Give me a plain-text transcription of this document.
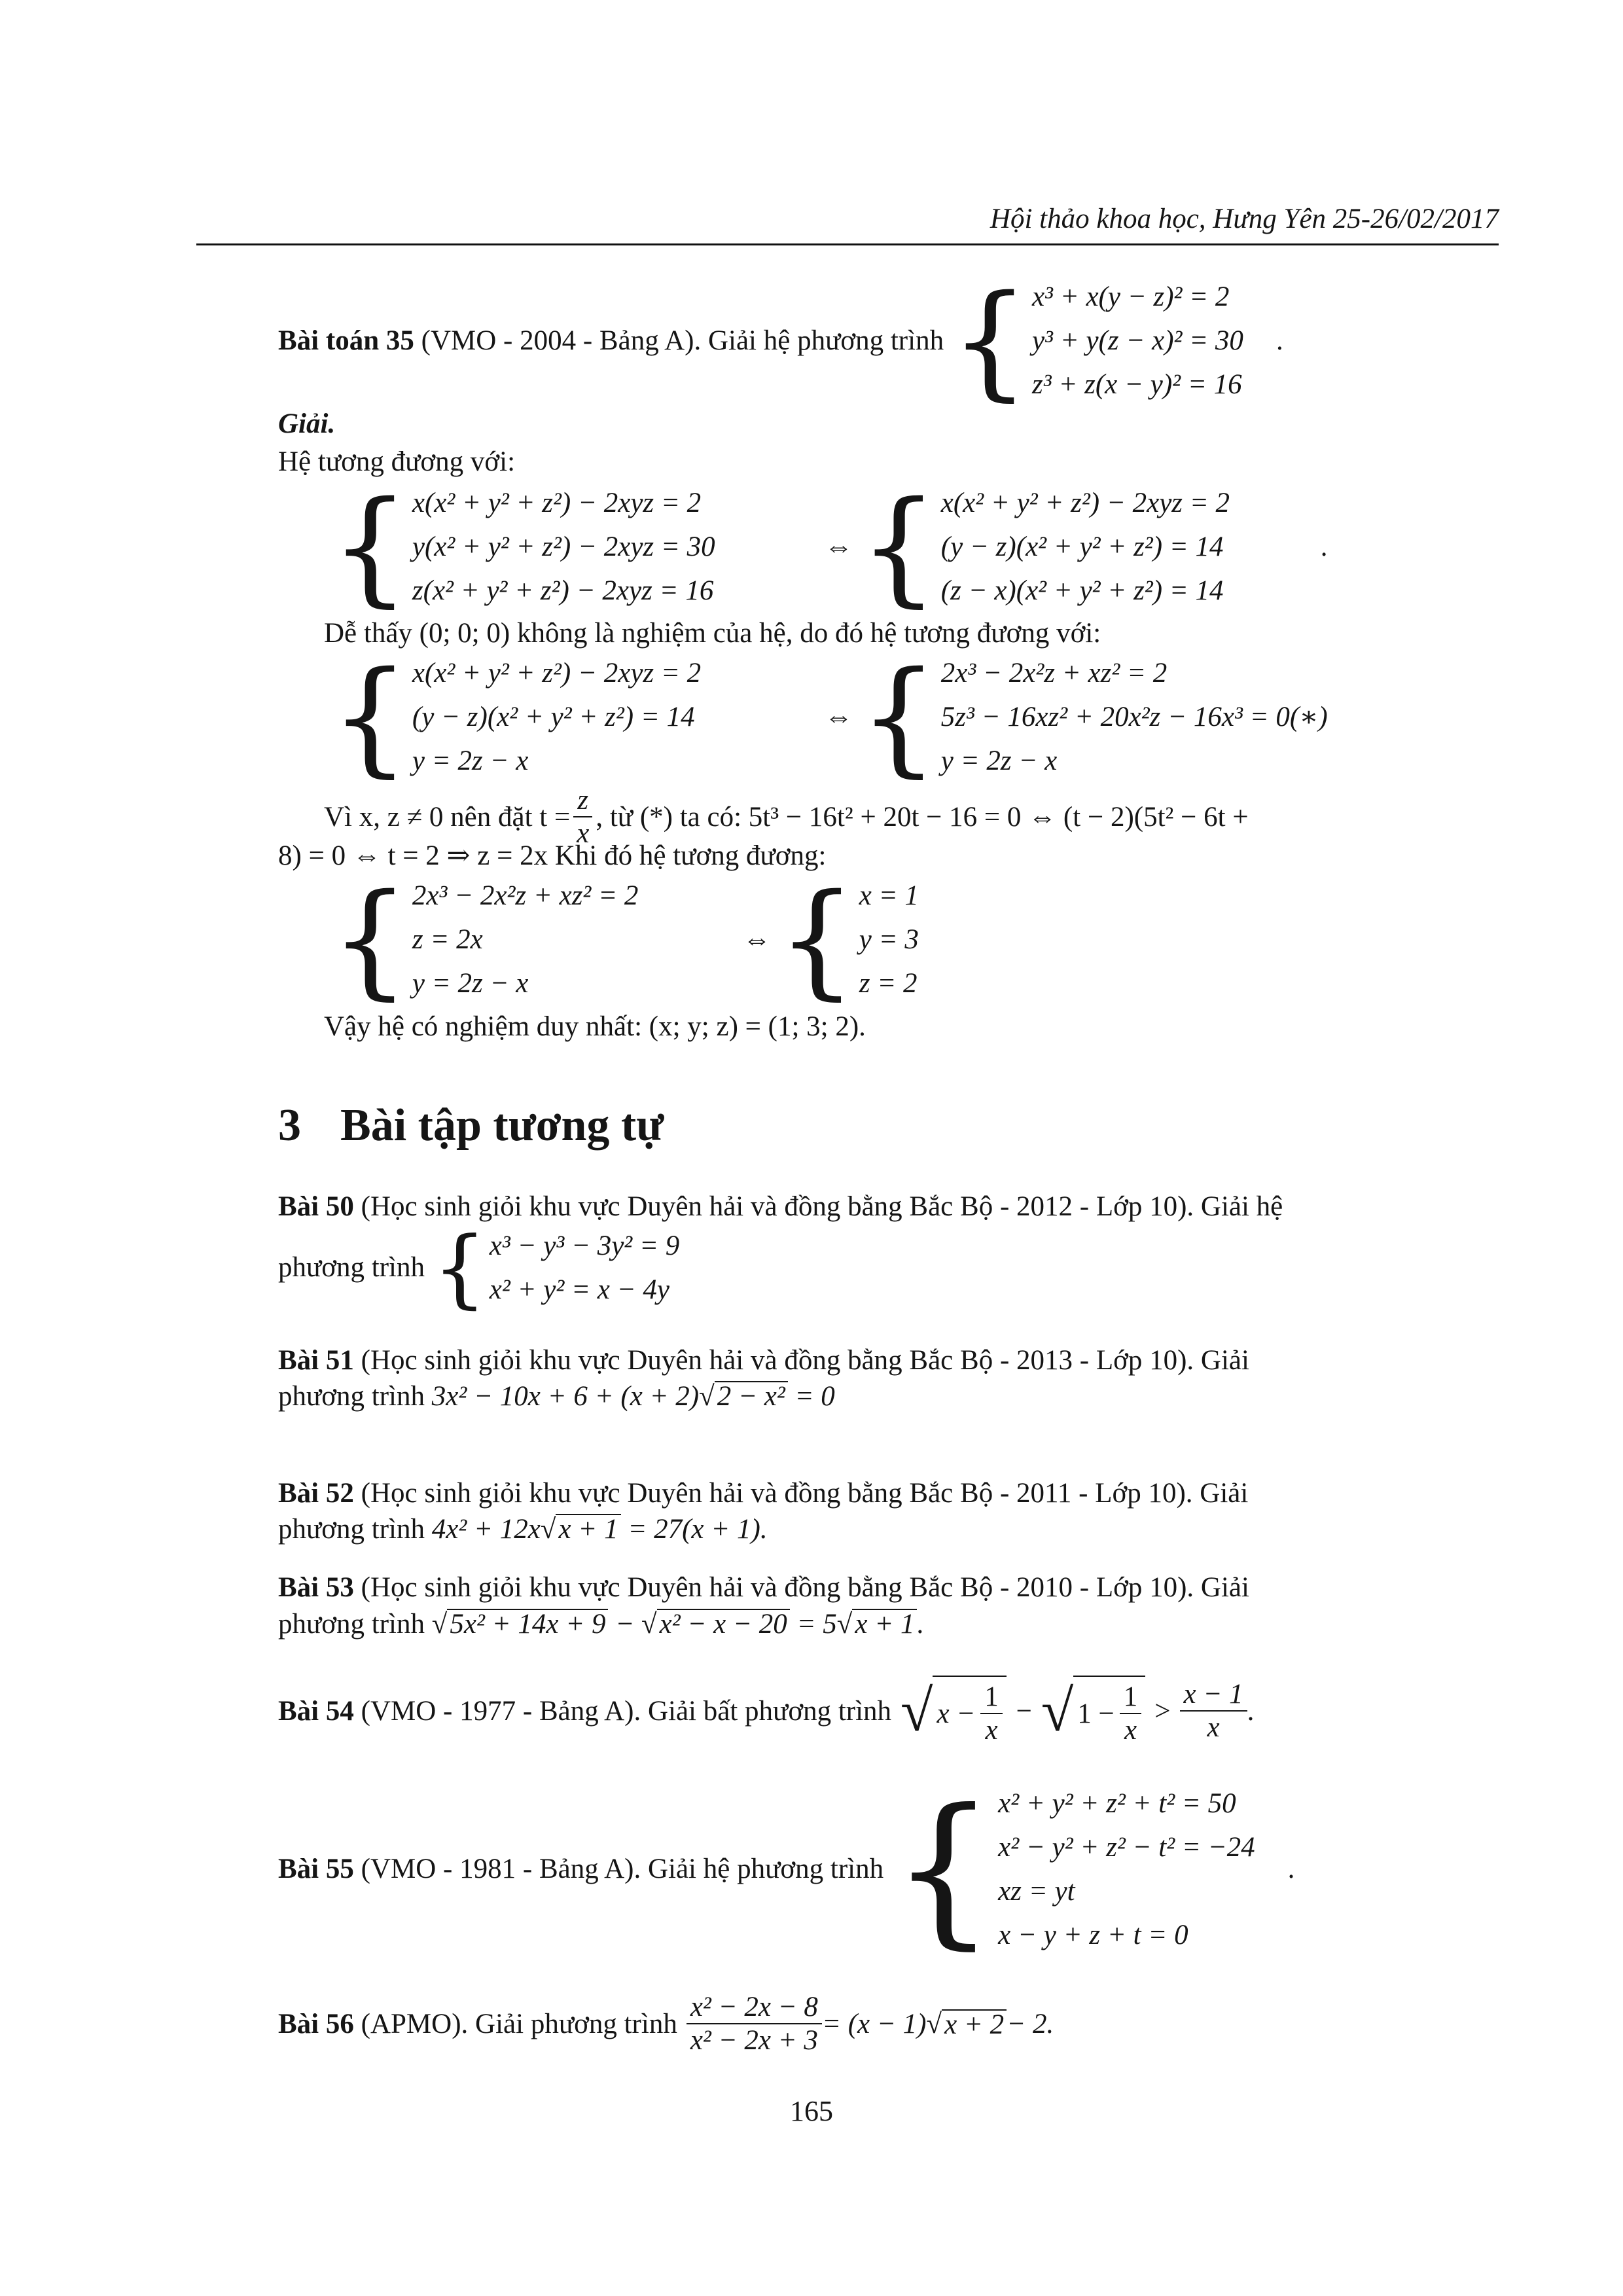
Hội thảo khoa học, Hưng Yên 25-26/02/2017
Bài toán 35 (VMO - 2004 - Bảng A). Giải hệ phương trình { x³ + x(y − z)² = 2
y³ + y(z − x)² = 30
z³ + z(x − y)² = 16
.
Giải.
Hệ tương đương với:
{ x(x² + y² + z²) − 2xyz = 2
y(x² + y² + z²) − 2xyz = 30
z(x² + y² + z²) − 2xyz = 16
⇔ { x(x² + y² + z²) − 2xyz = 2
(y − z)(x² + y² + z²) = 14
(z − x)(x² + y² + z²) = 14
.
Dễ thấy (0; 0; 0) không là nghiệm của hệ, do đó hệ tương đương với:
{ x(x² + y² + z²) − 2xyz = 2
(y − z)(x² + y² + z²) = 14
y = 2z − x
⇔ { 2x³ − 2x²z + xz² = 2
5z³ − 16xz² + 20x²z − 16x³ = 0(∗)
y = 2z − x
Vì x, z ≠ 0 nên đặt $t = \frac{z}{x}$ , từ (*) ta có: 5t³ − 16t² + 20t − 16 = 0 ⇔ (t − 2)(5t² − 6t +
8) = 0 ⇔ t = 2 ⇒ z = 2x Khi đó hệ tương đương:
{ 2x³ − 2x²z + xz² = 2
z = 2x
y = 2z − x
⇔ { x = 1
y = 3
z = 2
Vậy hệ có nghiệm duy nhất: (x; y; z) = (1; 3; 2).
3 Bài tập tương tự
Bài 50 (Học sinh giỏi khu vực Duyên hải và đồng bằng Bắc Bộ - 2012 - Lớp 10). Giải hệ
phương trình { x³ − y³ − 3y² = 9
x² + y² = x − 4y
Bài 51 (Học sinh giỏi khu vực Duyên hải và đồng bằng Bắc Bộ - 2013 - Lớp 10). Giải
phương trình 3x² − 10x + 6 + (x + 2)√2 − x² = 0
Bài 52 (Học sinh giỏi khu vực Duyên hải và đồng bằng Bắc Bộ - 2011 - Lớp 10). Giải
phương trình 4x² + 12x√x + 1 = 27(x + 1).
Bài 53 (Học sinh giỏi khu vực Duyên hải và đồng bằng Bắc Bộ - 2010 - Lớp 10). Giải
phương trình √5x² + 14x + 9 − √x² − x − 20 = 5√x + 1.
Bài 54 (VMO - 1977 - Bảng A). Giải bất phương trình √ $x - \frac{1}{x}$ − √ $1 - \frac{1}{x} > \frac{x - 1}{x}$ .
Bài 55 (VMO - 1981 - Bảng A). Giải hệ phương trình { x² + y² + z² + t² = 50
x² − y² + z² − t² = −24
xz = yt
x − y + z + t = 0
.
Bài 56 (APMO). Giải phương trình $\frac{\text{x² − 2x − 8}}{\text{x² − 2x + 3}} = (x - 1)$ √ x + 2 − 2.
165
